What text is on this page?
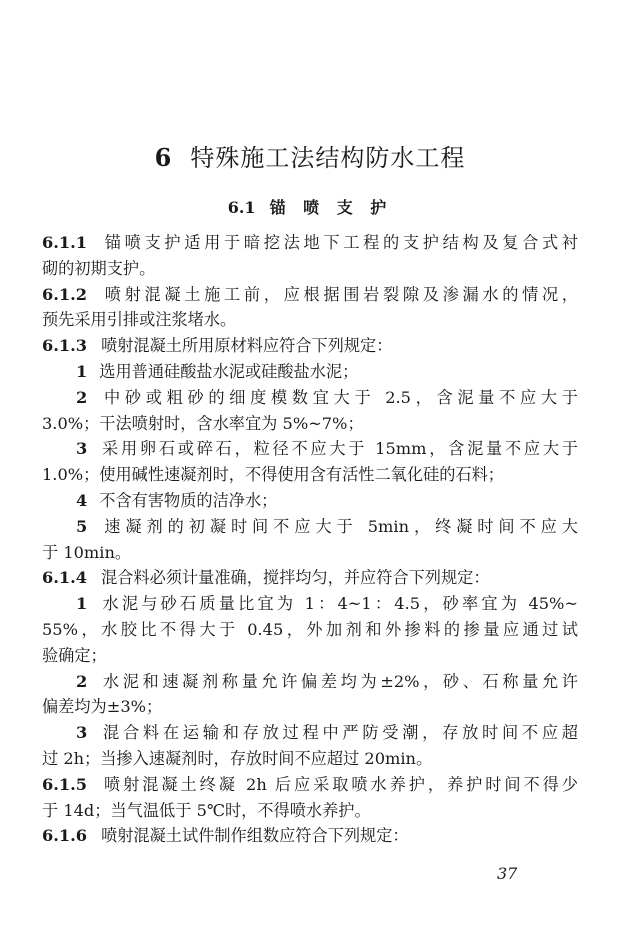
6 特殊施工法结构防水工程
6.1 锚 喷 支 护
6.1.1 锚喷支护适用于暗挖法地下工程的支护结构及复合式衬
砌的初期支护。
6.1.2 喷射混凝土施工前，应根据围岩裂隙及渗漏水的情况，
预先采用引排或注浆堵水。
6.1.3 喷射混凝土所用原材料应符合下列规定：
1 选用普通硅酸盐水泥或硅酸盐水泥；
2 中砂或粗砂的细度模数宜大于 2.5，含泥量不应大于
3.0%；干法喷射时，含水率宜为 5%~7%；
3 采用卵石或碎石，粒径不应大于 15mm，含泥量不应大于
1.0%；使用碱性速凝剂时，不得使用含有活性二氧化硅的石料；
4 不含有害物质的洁净水；
5 速凝剂的初凝时间不应大于 5min，终凝时间不应大
于 10min。
6.1.4 混合料必须计量准确，搅拌均匀，并应符合下列规定：
1 水泥与砂石质量比宜为 1：4~1：4.5，砂率宜为 45%~
55%，水胶比不得大于 0.45，外加剂和外掺料的掺量应通过试
验确定；
2 水泥和速凝剂称量允许偏差均为±2%，砂、石称量允许
偏差均为±3%；
3 混合料在运输和存放过程中严防受潮，存放时间不应超
过 2h；当掺入速凝剂时，存放时间不应超过 20min。
6.1.5 喷射混凝土终凝 2h 后应采取喷水养护，养护时间不得少
于 14d；当气温低于 5℃时，不得喷水养护。
6.1.6 喷射混凝土试件制作组数应符合下列规定：
37
